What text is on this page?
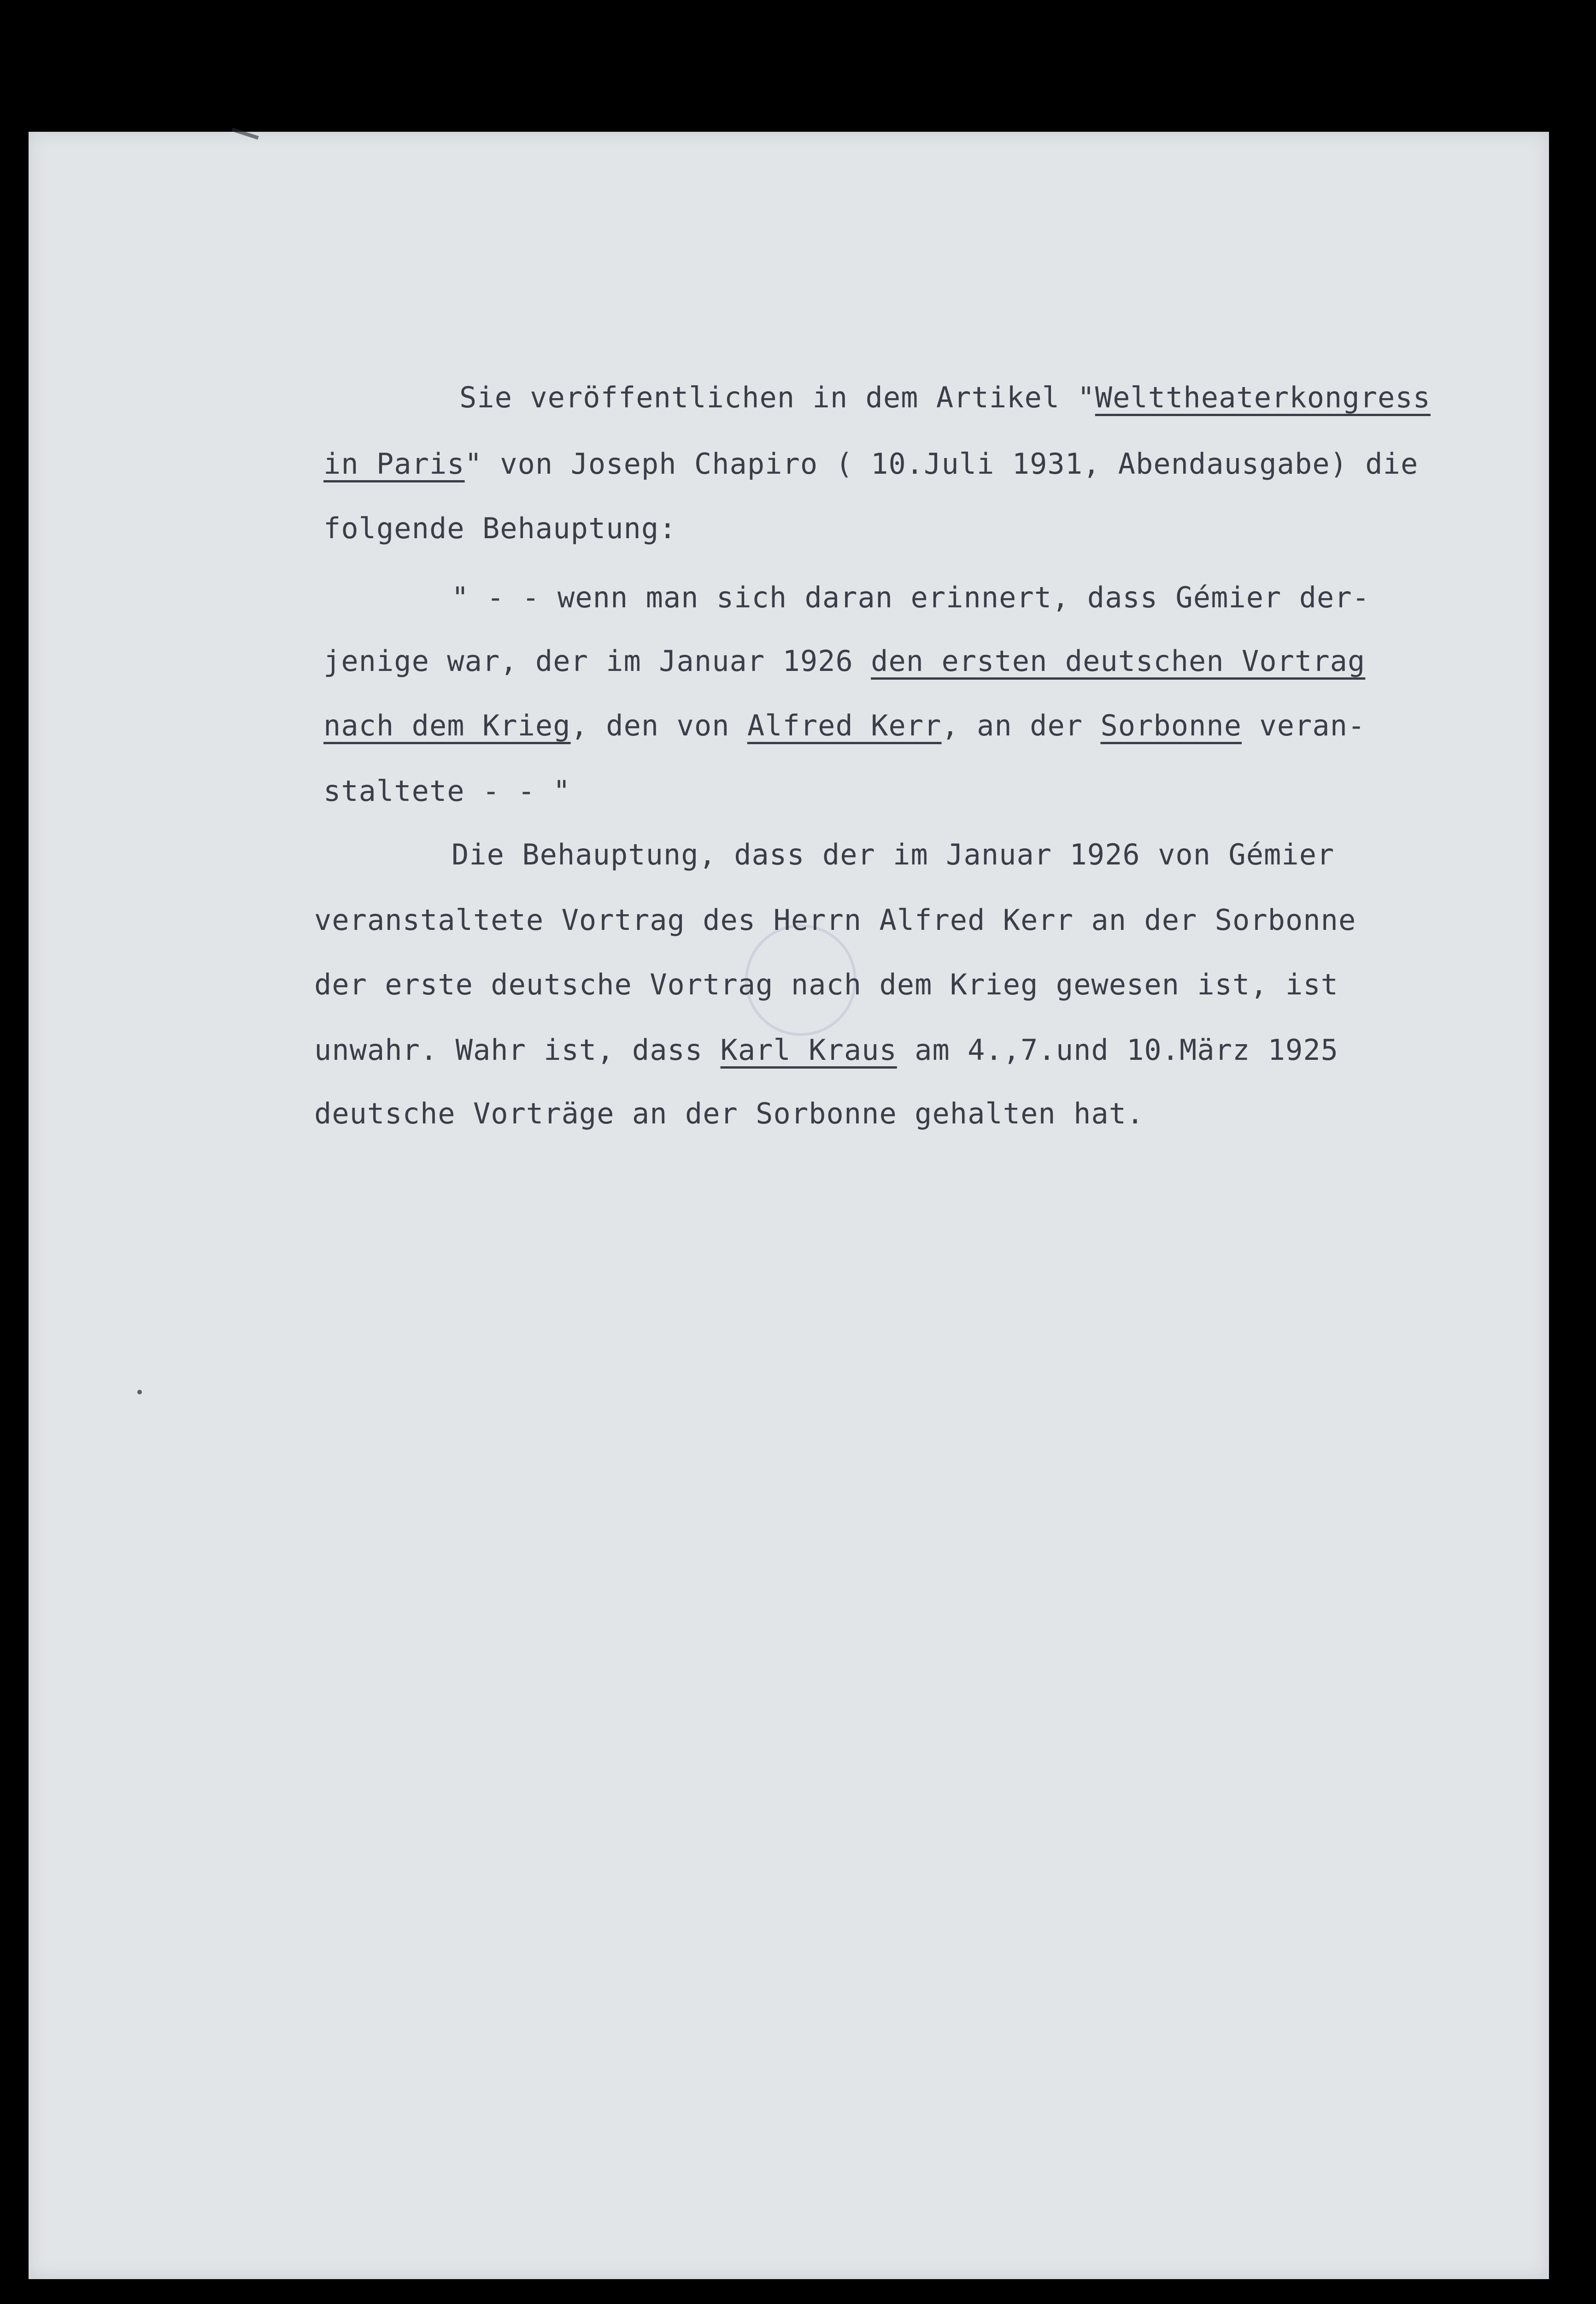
Sie veröffentlichen in dem Artikel "Welttheaterkongress

in Paris" von Joseph Chapiro ( 10.Juli 1931, Abendausgabe) die

folgende Behauptung:

" - - wenn man sich daran erinnert, dass Gémier der-

jenige war, der im Januar 1926 den ersten deutschen Vortrag

nach dem Krieg, den von Alfred Kerr, an der Sorbonne veran-

staltete - - "

Die Behauptung, dass der im Januar 1926 von Gémier

veranstaltete Vortrag des Herrn Alfred Kerr an der Sorbonne

der erste deutsche Vortrag nach dem Krieg gewesen ist, ist

unwahr. Wahr ist, dass Karl Kraus am 4.,7.und 10.März 1925

deutsche Vorträge an der Sorbonne gehalten hat.
